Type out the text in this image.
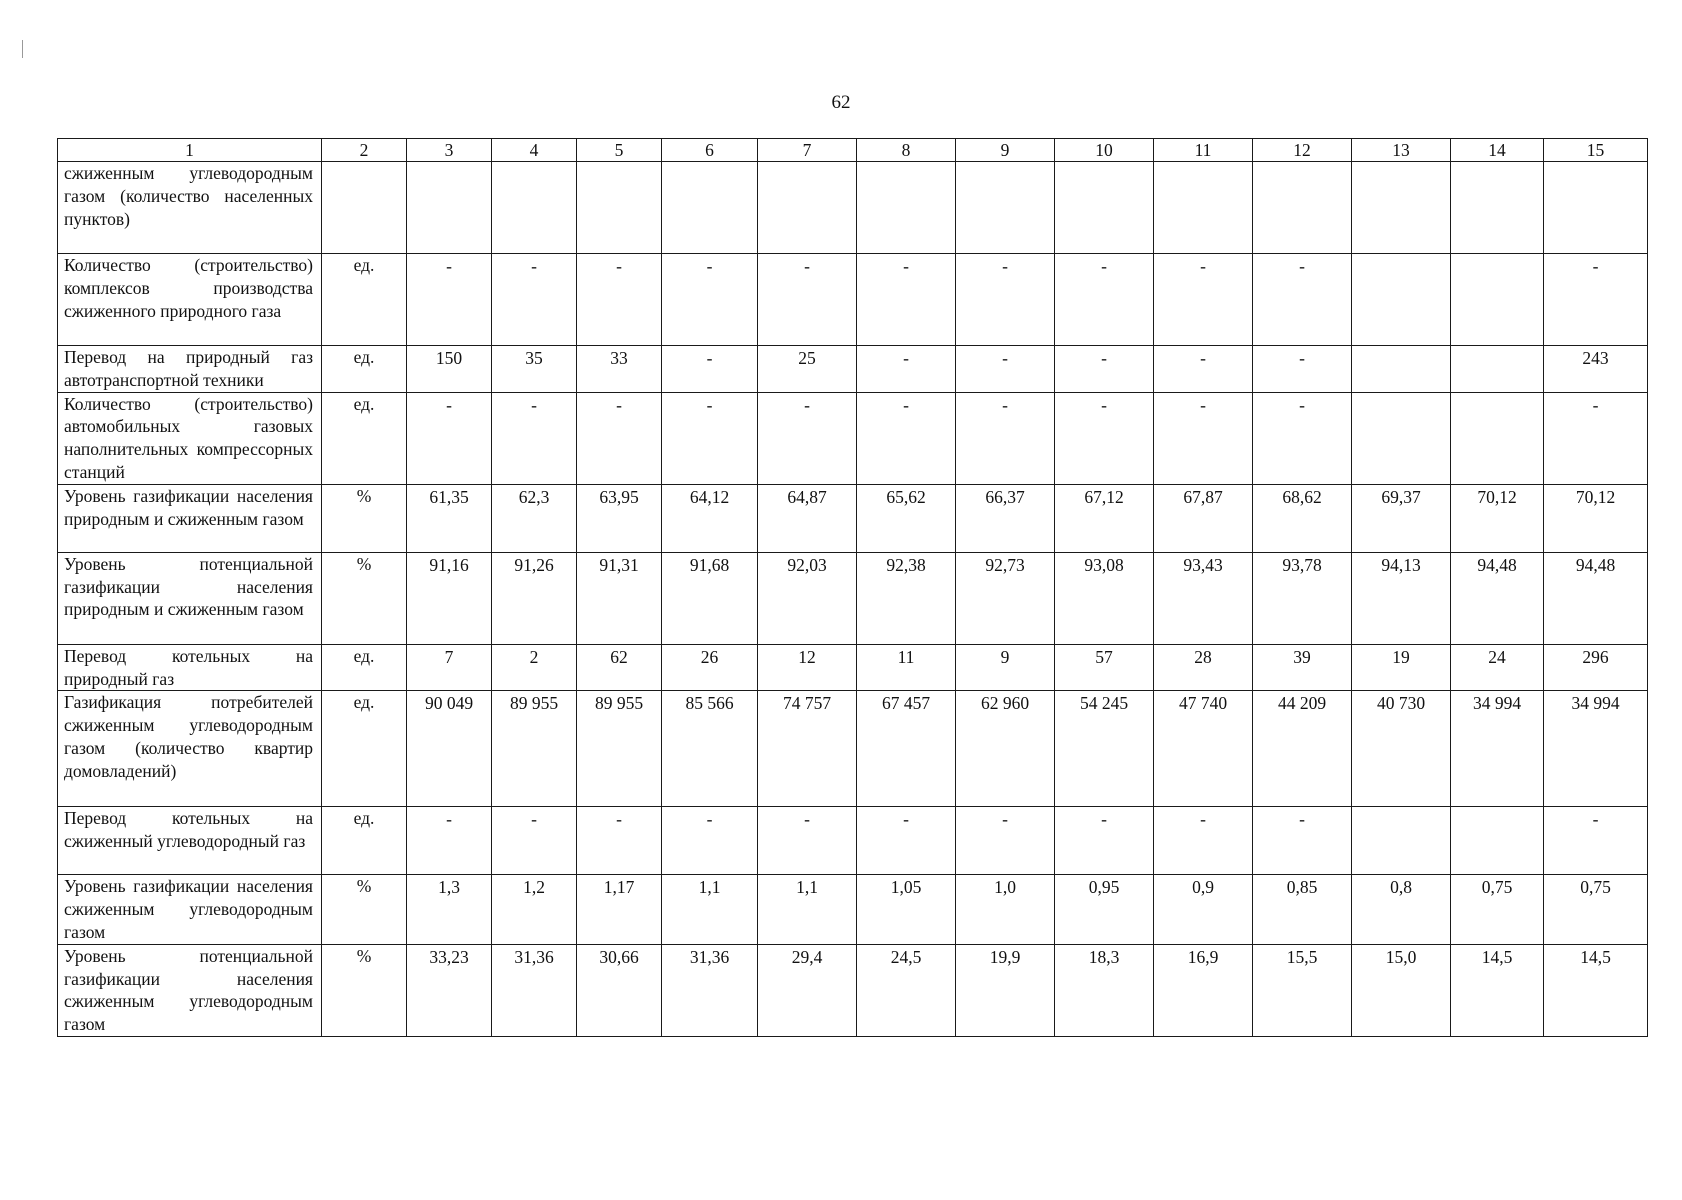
62
1	2	3	4	5	6	7	8	9	10	11	12	13	14	15
сжиженным углеводородным газом (количество населенных пунктов)														
Количество (строительство) комплексов производства сжиженного природного газа	ед.	-	-	-	-	-	-	-	-	-	-			-
Перевод на природный газ автотранспортной техники	ед.	150	35	33	-	25	-	-	-	-	-			243
Количество (строительство) автомобильных газовых наполнительных компрессорных станций	ед.	-	-	-	-	-	-	-	-	-	-			-
Уровень газификации населения природным и сжиженным газом	%	61,35	62,3	63,95	64,12	64,87	65,62	66,37	67,12	67,87	68,62	69,37	70,12	70,12
Уровень потенциальной газификации населения природным и сжиженным газом	%	91,16	91,26	91,31	91,68	92,03	92,38	92,73	93,08	93,43	93,78	94,13	94,48	94,48
Перевод котельных на природный газ	ед.	7	2	62	26	12	11	9	57	28	39	19	24	296
Газификация потребителей сжиженным углеводородным газом (количество квартир домовладений)	ед.	90 049	89 955	89 955	85 566	74 757	67 457	62 960	54 245	47 740	44 209	40 730	34 994	34 994
Перевод котельных на сжиженный углеводородный газ	ед.	-	-	-	-	-	-	-	-	-	-			-
Уровень газификации населения сжиженным углеводородным газом	%	1,3	1,2	1,17	1,1	1,1	1,05	1,0	0,95	0,9	0,85	0,8	0,75	0,75
Уровень потенциальной газификации населения сжиженным углеводородным газом	%	33,23	31,36	30,66	31,36	29,4	24,5	19,9	18,3	16,9	15,5	15,0	14,5	14,5
